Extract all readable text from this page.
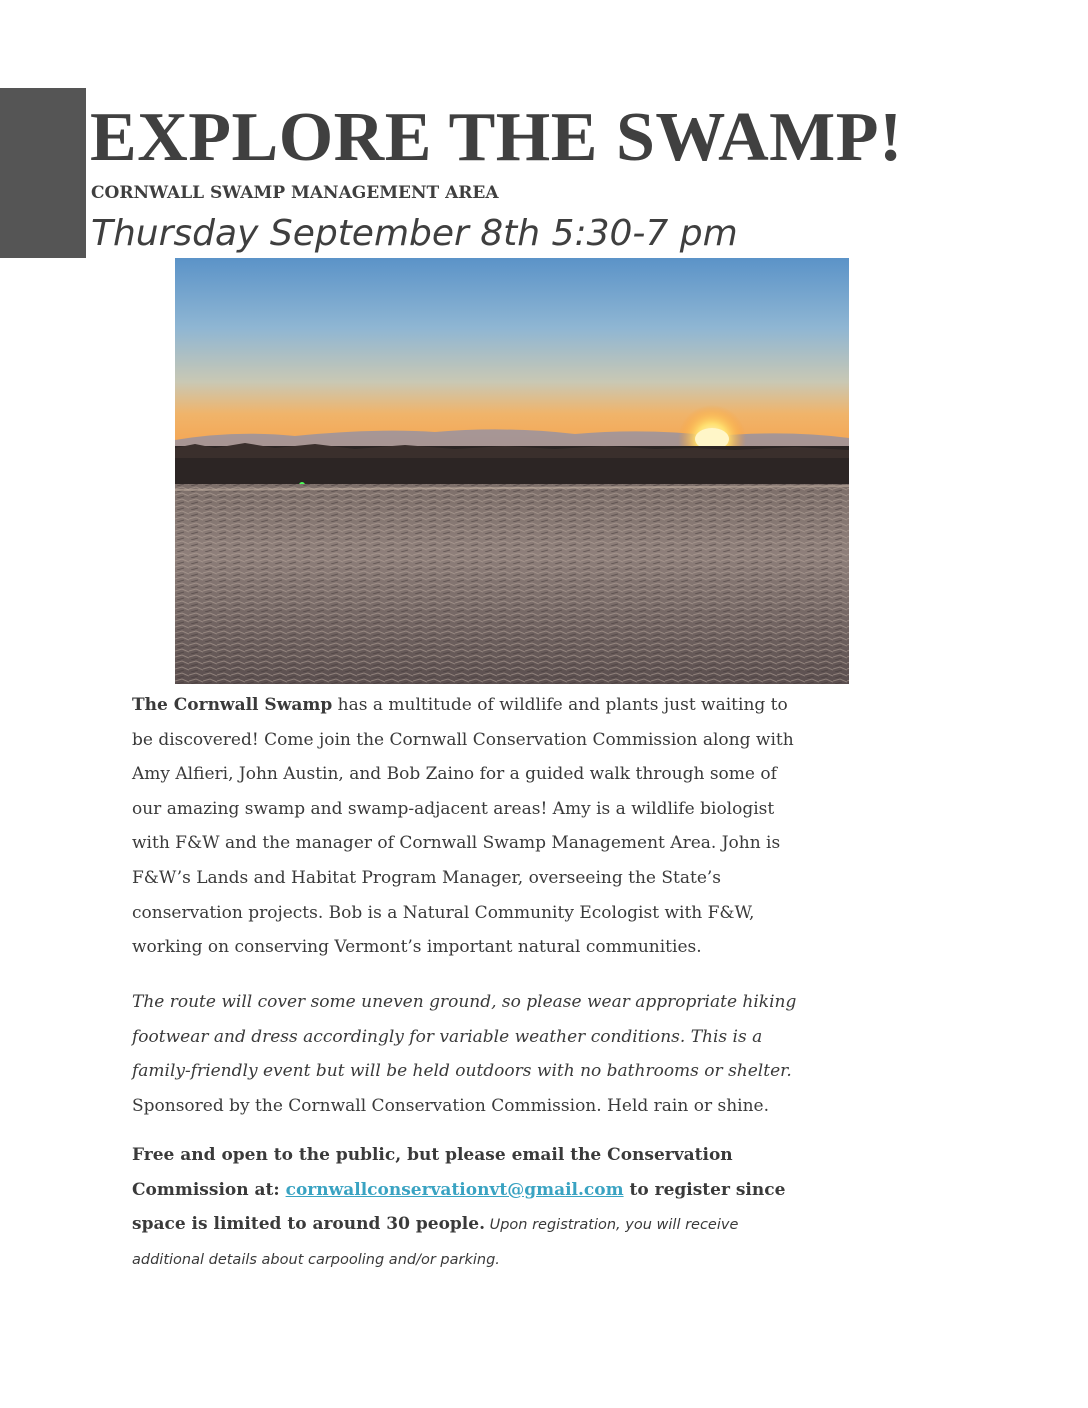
EXPLORE THE SWAMP!
CORNWALL SWAMP MANAGEMENT AREA
Thursday September 8th 5:30-7 pm

The Cornwall Swamp has a multitude of wildlife and plants just waiting to
be discovered! Come join the Cornwall Conservation Commission along with
Amy Alfieri, John Austin, and Bob Zaino for a guided walk through some of
our amazing swamp and swamp-adjacent areas! Amy is a wildlife biologist
with F&W and the manager of Cornwall Swamp Management Area. John is
F&W’s Lands and Habitat Program Manager, overseeing the State’s
conservation projects. Bob is a Natural Community Ecologist with F&W,
working on conserving Vermont’s important natural communities.

The route will cover some uneven ground, so please wear appropriate hiking
footwear and dress accordingly for variable weather conditions. This is a
family-friendly event but will be held outdoors with no bathrooms or shelter.
Sponsored by the Cornwall Conservation Commission. Held rain or shine.

Free and open to the public, but please email the Conservation
Commission at: cornwallconservationvt@gmail.com to register since
space is limited to around 30 people. Upon registration, you will receive
additional details about carpooling and/or parking.
